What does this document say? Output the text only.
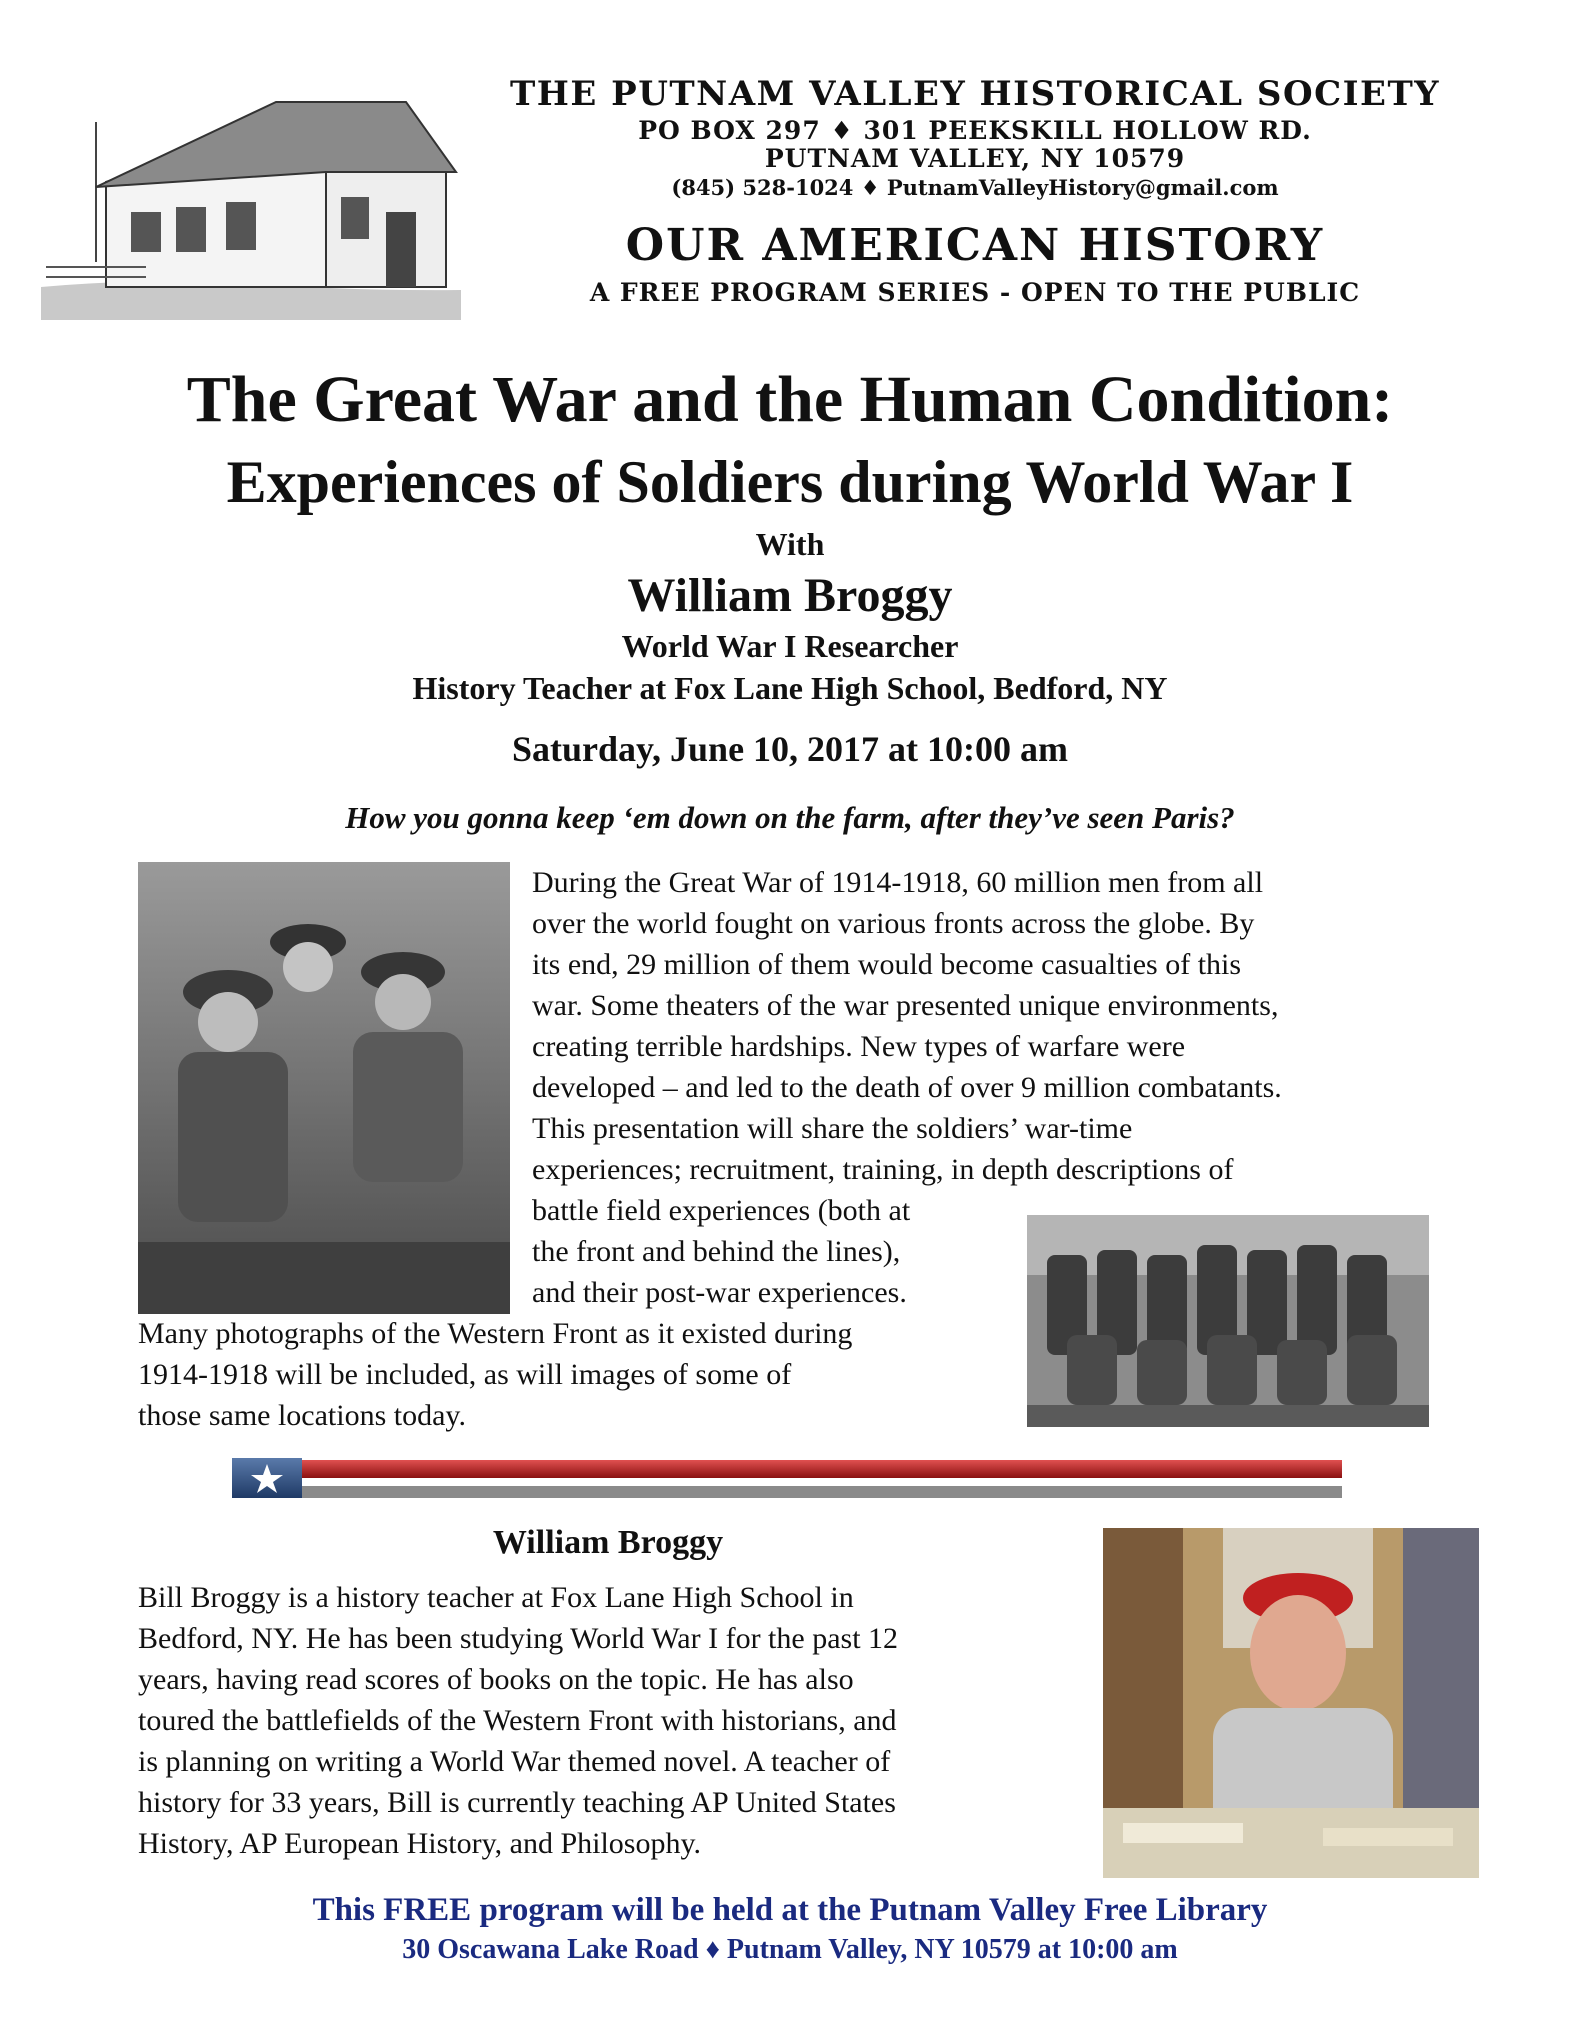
THE PUTNAM VALLEY HISTORICAL SOCIETY
PO BOX 297 ♦ 301 PEEKSKILL HOLLOW RD.
PUTNAM VALLEY, NY 10579
(845) 528-1024 ♦ PutnamValleyHistory@gmail.com
OUR AMERICAN HISTORY
A FREE PROGRAM SERIES - OPEN TO THE PUBLIC
The Great War and the Human Condition:
Experiences of Soldiers during World War I
With
William Broggy
World War I Researcher
History Teacher at Fox Lane High School, Bedford, NY
Saturday, June 10, 2017 at 10:00 am
How you gonna keep ‘em down on the farm, after they’ve seen Paris?
During the Great War of 1914-1918, 60 million men from all
over the world fought on various fronts across the globe. By
its end, 29 million of them would become casualties of this
war. Some theaters of the war presented unique environments,
creating terrible hardships. New types of warfare were
developed – and led to the death of over 9 million combatants.
This presentation will share the soldiers’ war-time
experiences; recruitment, training, in depth descriptions of
battle field experiences (both at
the front and behind the lines),
and their post-war experiences.
Many photographs of the Western Front as it existed during
1914-1918 will be included, as will images of some of
those same locations today.
William Broggy
Bill Broggy is a history teacher at Fox Lane High School in
Bedford, NY. He has been studying World War I for the past 12
years, having read scores of books on the topic. He has also
toured the battlefields of the Western Front with historians, and
is planning on writing a World War themed novel. A teacher of
history for 33 years, Bill is currently teaching AP United States
History, AP European History, and Philosophy.
This FREE program will be held at the Putnam Valley Free Library
30 Oscawana Lake Road ♦ Putnam Valley, NY 10579 at 10:00 am
